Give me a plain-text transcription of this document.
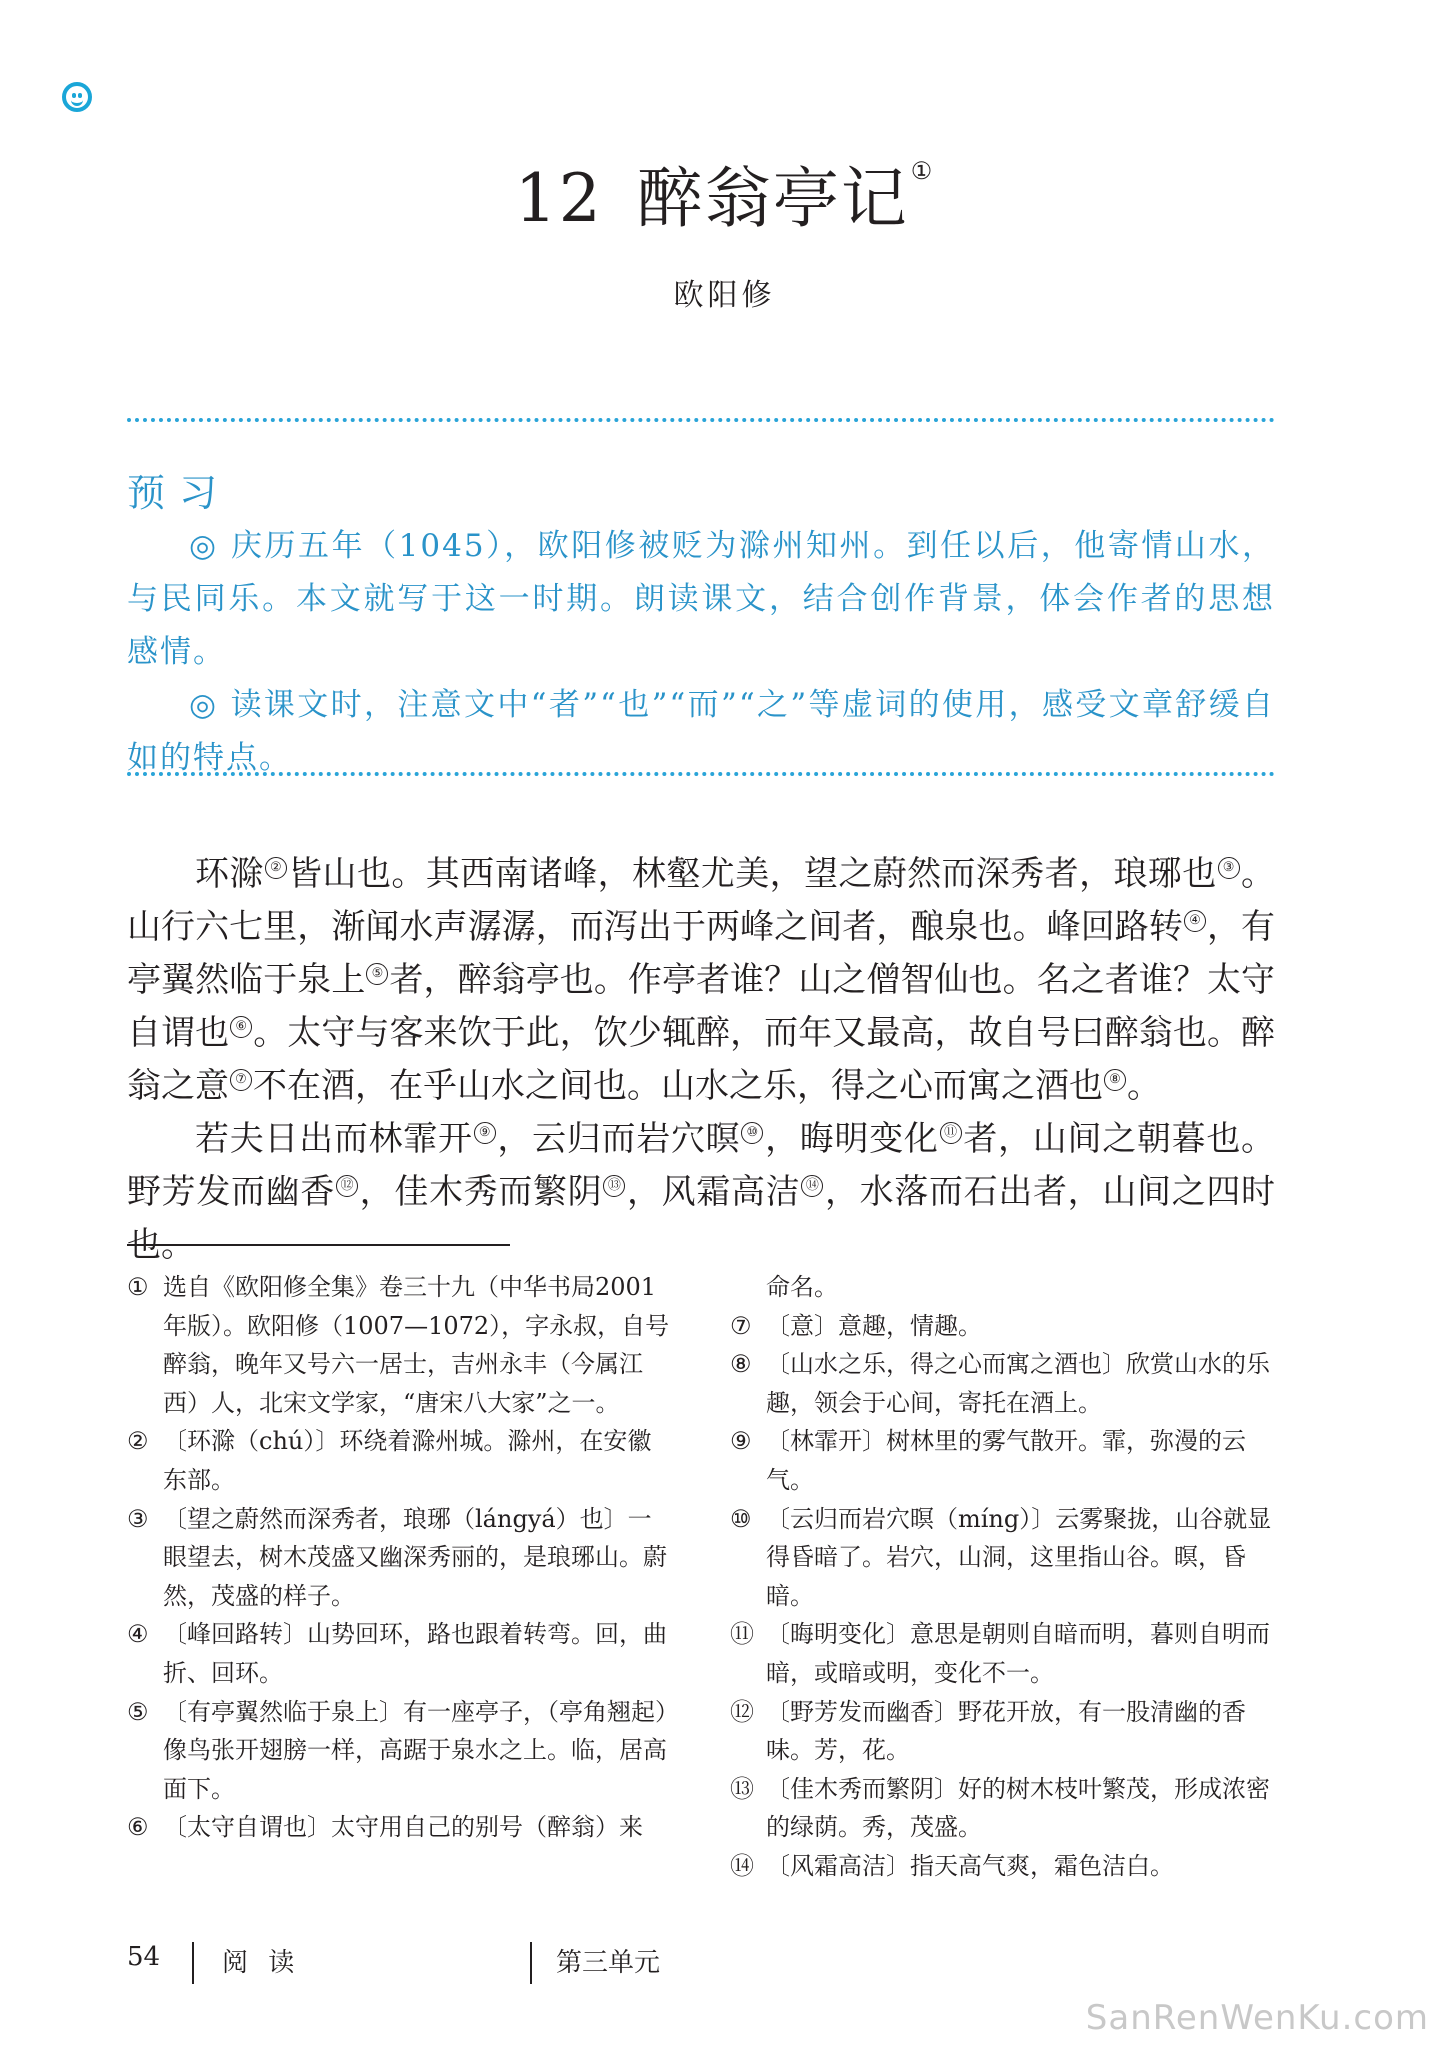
12 醉翁亭记①
欧阳修
预习

◎ 庆历五年（1045），欧阳修被贬为滁州知州。到任以后，他寄情山水，与民同乐。本文就写于这一时期。朗读课文，结合创作背景，体会作者的思想感情。

◎ 读课文时，注意文中“者”“也”“而”“之”等虚词的使用，感受文章舒缓自如的特点。

环滁 ② 皆山也。其西南诸峰，林壑尤美，望之蔚然而深秀者，琅琊也 ③ 。山行六七里，渐闻水声潺潺，而泻出于两峰之间者，酿泉也。峰回路转 ④ ，有亭翼然临于泉上 ⑤ 者，醉翁亭也。作亭者谁？山之僧智仙也。名之者谁？太守自谓也 ⑥ 。太守与客来饮于此，饮少辄醉，而年又最高，故自号曰醉翁也。醉翁之意 ⑦ 不在酒，在乎山水之间也。山水之乐，得之心而寓之酒也 ⑧ 。

若夫日出而林霏开 ⑨ ，云归而岩穴暝 ⑩ ，晦明变化 ⑪ 者，山间之朝暮也。野芳发而幽香 ⑫ ，佳木秀而繁阴 ⑬ ，风霜高洁 ⑭ ，水落而石出者，山间之四时也。

① 选自《欧阳修全集》卷三十九（中华书局2001年版）。欧阳修（1007—1072），字永叔，自号醉翁，晚年又号六一居士，吉州永丰（今属江西）人，北宋文学家，“唐宋八大家”之一。
② 〔环滁（chú）〕环绕着滁州城。滁州，在安徽东部。
③ 〔望之蔚然而深秀者，琅琊（lángyá）也〕一眼望去，树木茂盛又幽深秀丽的，是琅琊山。蔚然，茂盛的样子。
④ 〔峰回路转〕山势回环，路也跟着转弯。回，曲折、回环。
⑤ 〔有亭翼然临于泉上〕有一座亭子，（亭角翘起）像鸟张开翅膀一样，高踞于泉水之上。临，居高面下。
⑥ 〔太守自谓也〕太守用自己的别号（醉翁）来
命名。
⑦ 〔意〕意趣，情趣。
⑧ 〔山水之乐，得之心而寓之酒也〕欣赏山水的乐趣，领会于心间，寄托在酒上。
⑨ 〔林霏开〕树林里的雾气散开。霏，弥漫的云气。
⑩ 〔云归而岩穴暝（míng）〕云雾聚拢，山谷就显得昏暗了。岩穴，山洞，这里指山谷。暝，昏暗。
⑪ 〔晦明变化〕意思是朝则自暗而明，暮则自明而暗，或暗或明，变化不一。
⑫ 〔野芳发而幽香〕野花开放，有一股清幽的香味。芳，花。
⑬ 〔佳木秀而繁阴〕好的树木枝叶繁茂，形成浓密的绿荫。秀，茂盛。
⑭ 〔风霜高洁〕指天高气爽，霜色洁白。
54 阅 读	第三单元
SanRenWenKu.com
